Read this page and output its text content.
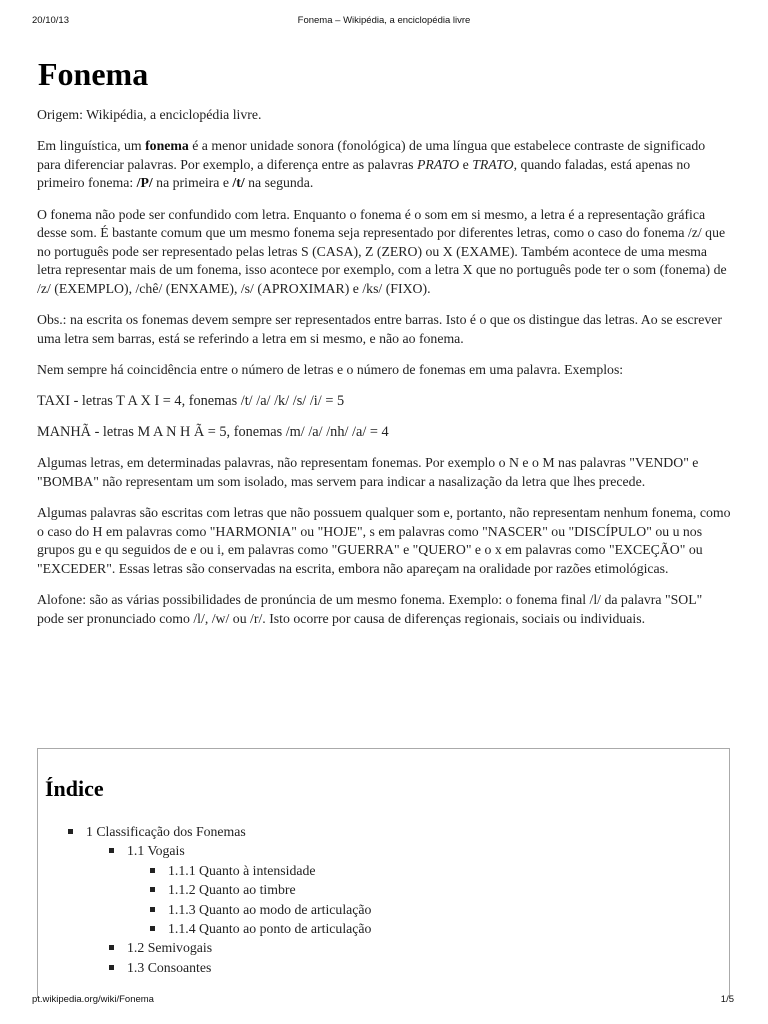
20/10/13	Fonema – Wikipédia, a enciclopédia livre
Fonema

Origem: Wikipédia, a enciclopédia livre.

Em linguística, um fonema é a menor unidade sonora (fonológica) de uma língua que estabelece contraste de significado para diferenciar palavras. Por exemplo, a diferença entre as palavras PRATO e TRATO, quando faladas, está apenas no primeiro fonema: /P/ na primeira e /t/ na segunda.

O fonema não pode ser confundido com letra. Enquanto o fonema é o som em si mesmo, a letra é a representação gráfica desse som. É bastante comum que um mesmo fonema seja representado por diferentes letras, como o caso do fonema /z/ que no português pode ser representado pelas letras S (CASA), Z (ZERO) ou X (EXAME). Também acontece de uma mesma letra representar mais de um fonema, isso acontece por exemplo, com a letra X que no português pode ter o som (fonema) de /z/ (EXEMPLO), /chê/ (ENXAME), /s/ (APROXIMAR) e /ks/ (FIXO).

Obs.: na escrita os fonemas devem sempre ser representados entre barras. Isto é o que os distingue das letras. Ao se escrever uma letra sem barras, está se referindo a letra em si mesmo, e não ao fonema.

Nem sempre há coincidência entre o número de letras e o número de fonemas em uma palavra. Exemplos:

TAXI - letras T A X I = 4, fonemas /t/ /a/ /k/ /s/ /i/ = 5

MANHÃ - letras M A N H Ã = 5, fonemas /m/ /a/ /nh/ /a/ = 4

Algumas letras, em determinadas palavras, não representam fonemas. Por exemplo o N e o M nas palavras "VENDO" e "BOMBA" não representam um som isolado, mas servem para indicar a nasalização da letra que lhes precede.

Algumas palavras são escritas com letras que não possuem qualquer som e, portanto, não representam nenhum fonema, como o caso do H em palavras como "HARMONIA" ou "HOJE", s em palavras como "NASCER" ou "DISCÍPULO" ou u nos grupos gu e qu seguidos de e ou i, em palavras como "GUERRA" e "QUERO" e o x em palavras como "EXCEÇÃO" ou "EXCEDER". Essas letras são conservadas na escrita, embora não apareçam na oralidade por razões etimológicas.

Alofone: são as várias possibilidades de pronúncia de um mesmo fonema. Exemplo: o fonema final /l/ da palavra "SOL" pode ser pronunciado como /l/, /w/ ou /r/. Isto ocorre por causa de diferenças regionais, sociais ou individuais.

Índice
1 Classificação dos Fonemas
1.1 Vogais
1.1.1 Quanto à intensidade
1.1.2 Quanto ao timbre
1.1.3 Quanto ao modo de articulação
1.1.4 Quanto ao ponto de articulação
1.2 Semivogais
1.3 Consoantes
pt.wikipedia.org/wiki/Fonema	1/5
